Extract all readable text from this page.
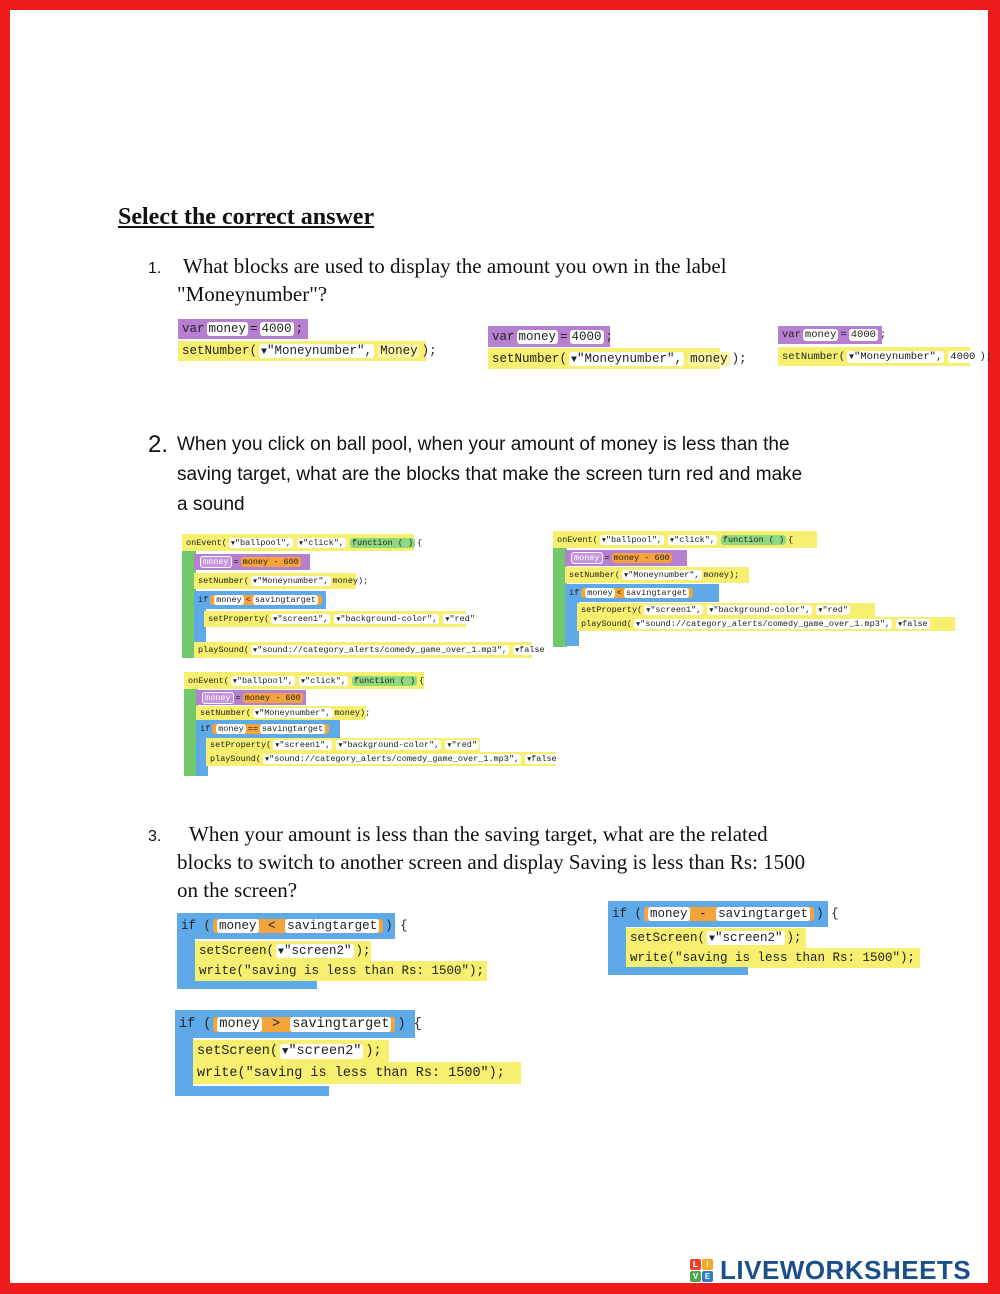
Select the correct answer
1.	What blocks are used to display the amount you own in the label
"Moneynumber"?
var money = 4000 ;
setNumber( ▼"Moneynumber", Money );
var money = 4000 ;
setNumber( ▼"Moneynumber", money );
var money = 4000 ;
setNumber( ▼"Moneynumber", 4000 );
2. When you click on ball pool, when your amount of money is less than the
saving target, what are the blocks that make the screen turn red and make
a sound
onEvent( ▼"ballpool", ▼"click", function ( ) {
money = money - 600
setNumber( ▼"Moneynumber", money );
if money < savingtarget
setProperty( ▼"screen1", ▼"background-color", ▼"red"
playSound( ▼"sound://category_alerts/comedy_game_over_1.mp3", ▼false
onEvent( ▼"ballpool", ▼"click", function ( ) {
money = money - 600
setNumber( ▼"Moneynumber", money );
if money < savingtarget
setProperty( ▼"screen1", ▼"background-color", ▼"red"
playSound( ▼"sound://category_alerts/comedy_game_over_1.mp3", ▼false
onEvent( ▼"ballpool", ▼"click", function ( ) {
money = money - 600
setNumber( ▼"Moneynumber", money );
if money == savingtarget
setProperty( ▼"screen1", ▼"background-color", ▼"red"
playSound( ▼"sound://category_alerts/comedy_game_over_1.mp3", ▼false
3.	When your amount is less than the saving target, what are the related
blocks to switch to another screen and display Saving is less than Rs: 1500
on the screen?
if ( money < savingtarget ) {
setScreen( ▼"screen2" );
write("saving is less than Rs: 1500");
if ( money - savingtarget ) {
setScreen( ▼"screen2" );
write("saving is less than Rs: 1500");
if ( money > savingtarget ) {
setScreen( ▼"screen2" );
write("saving is less than Rs: 1500");
L	I
V E LIVEWORKSHEETS
